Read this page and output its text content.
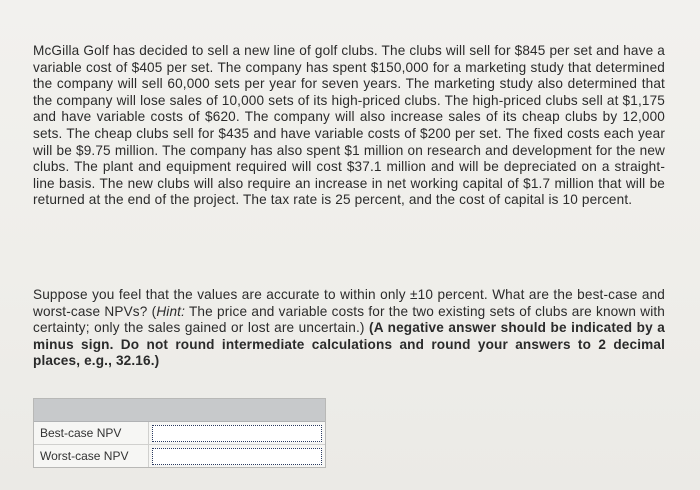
McGilla Golf has decided to sell a new line of golf clubs. The clubs will sell for $845 per set and have a variable cost of $405 per set. The company has spent $150,000 for a marketing study that determined the company will sell 60,000 sets per year for seven years. The marketing study also determined that the company will lose sales of 10,000 sets of its high-priced clubs. The high-priced clubs sell at $1,175 and have variable costs of $620. The company will also increase sales of its cheap clubs by 12,000 sets. The cheap clubs sell for $435 and have variable costs of $200 per set. The fixed costs each year will be $9.75 million. The company has also spent $1 million on research and development for the new clubs. The plant and equipment required will cost $37.1 million and will be depreciated on a straight-line basis. The new clubs will also require an increase in net working capital of $1.7 million that will be returned at the end of the project. The tax rate is 25 percent, and the cost of capital is 10 percent.
Suppose you feel that the values are accurate to within only ±10 percent. What are the best-case and worst-case NPVs? (Hint: The price and variable costs for the two existing sets of clubs are known with certainty; only the sales gained or lost are uncertain.) (A negative answer should be indicated by a minus sign. Do not round intermediate calculations and round your answers to 2 decimal places, e.g., 32.16.)
Best-case NPV
Worst-case NPV
